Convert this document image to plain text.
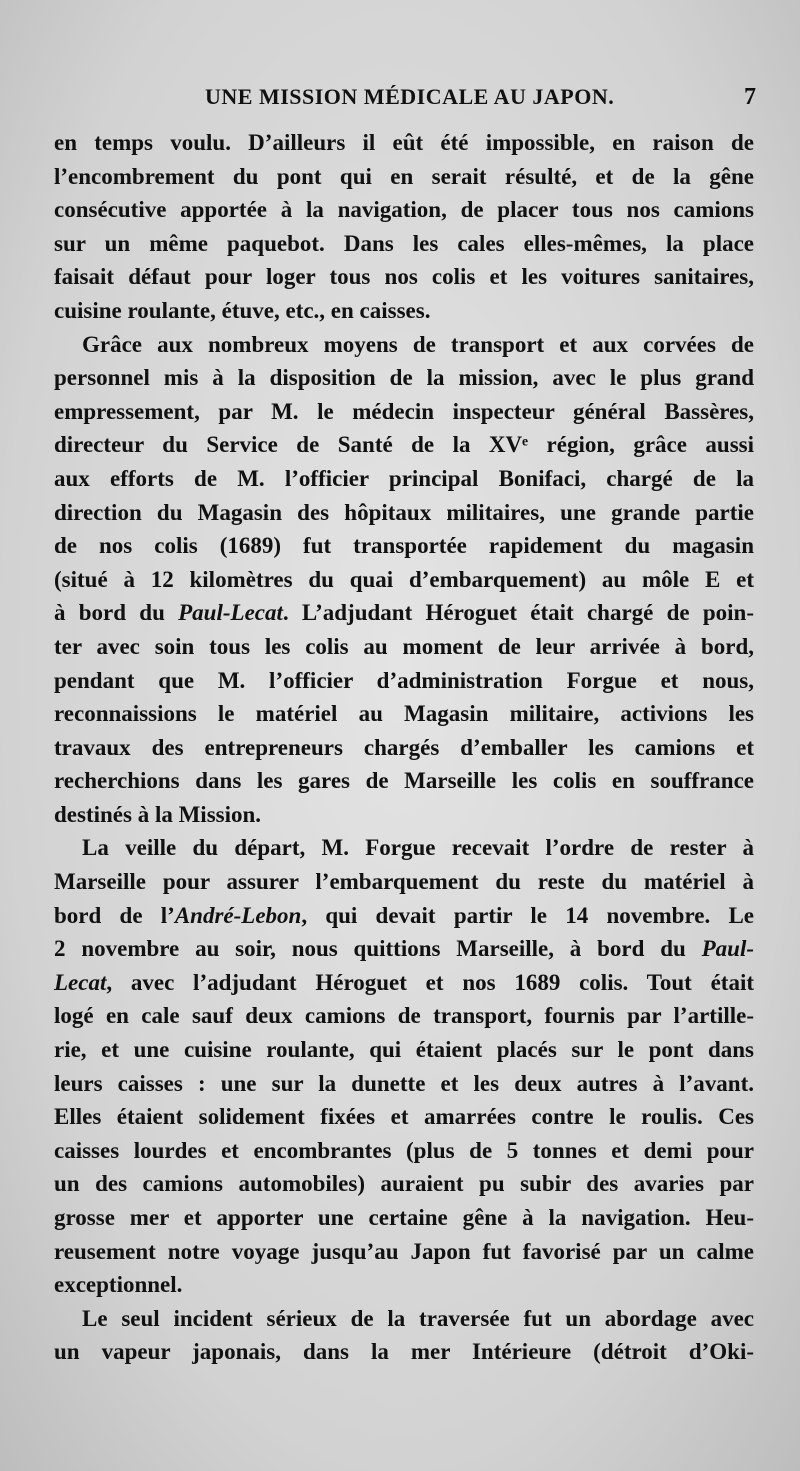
UNE MISSION MÉDICALE AU JAPON.	7
en temps voulu. D’ailleurs il eût été impossible, en raison de
l’encombrement du pont qui en serait résulté, et de la gêne
consécutive apportée à la navigation, de placer tous nos camions
sur un même paquebot. Dans les cales elles-mêmes, la place
faisait défaut pour loger tous nos colis et les voitures sanitaires,
cuisine roulante, étuve, etc., en caisses.
Grâce aux nombreux moyens de transport et aux corvées de
personnel mis à la disposition de la mission, avec le plus grand
empressement, par M. le médecin inspecteur général Bassères,
directeur du Service de Santé de la XVᵉ région, grâce aussi
aux efforts de M. l’officier principal Bonifaci, chargé de la
direction du Magasin des hôpitaux militaires, une grande partie
de nos colis (1689) fut transportée rapidement du magasin
(situé à 12 kilomètres du quai d’embarquement) au môle E et
à bord du Paul-Lecat. L’adjudant Héroguet était chargé de poin-
ter avec soin tous les colis au moment de leur arrivée à bord,
pendant que M. l’officier d’administration Forgue et nous,
reconnaissions le matériel au Magasin militaire, activions les
travaux des entrepreneurs chargés d’emballer les camions et
recherchions dans les gares de Marseille les colis en souffrance
destinés à la Mission.
La veille du départ, M. Forgue recevait l’ordre de rester à
Marseille pour assurer l’embarquement du reste du matériel à
bord de l’André-Lebon, qui devait partir le 14 novembre. Le
2 novembre au soir, nous quittions Marseille, à bord du Paul-
Lecat, avec l’adjudant Héroguet et nos 1689 colis. Tout était
logé en cale sauf deux camions de transport, fournis par l’artille-
rie, et une cuisine roulante, qui étaient placés sur le pont dans
leurs caisses : une sur la dunette et les deux autres à l’avant.
Elles étaient solidement fixées et amarrées contre le roulis. Ces
caisses lourdes et encombrantes (plus de 5 tonnes et demi pour
un des camions automobiles) auraient pu subir des avaries par
grosse mer et apporter une certaine gêne à la navigation. Heu-
reusement notre voyage jusqu’au Japon fut favorisé par un calme
exceptionnel.
Le seul incident sérieux de la traversée fut un abordage avec
un vapeur japonais, dans la mer Intérieure (détroit d’Oki-
